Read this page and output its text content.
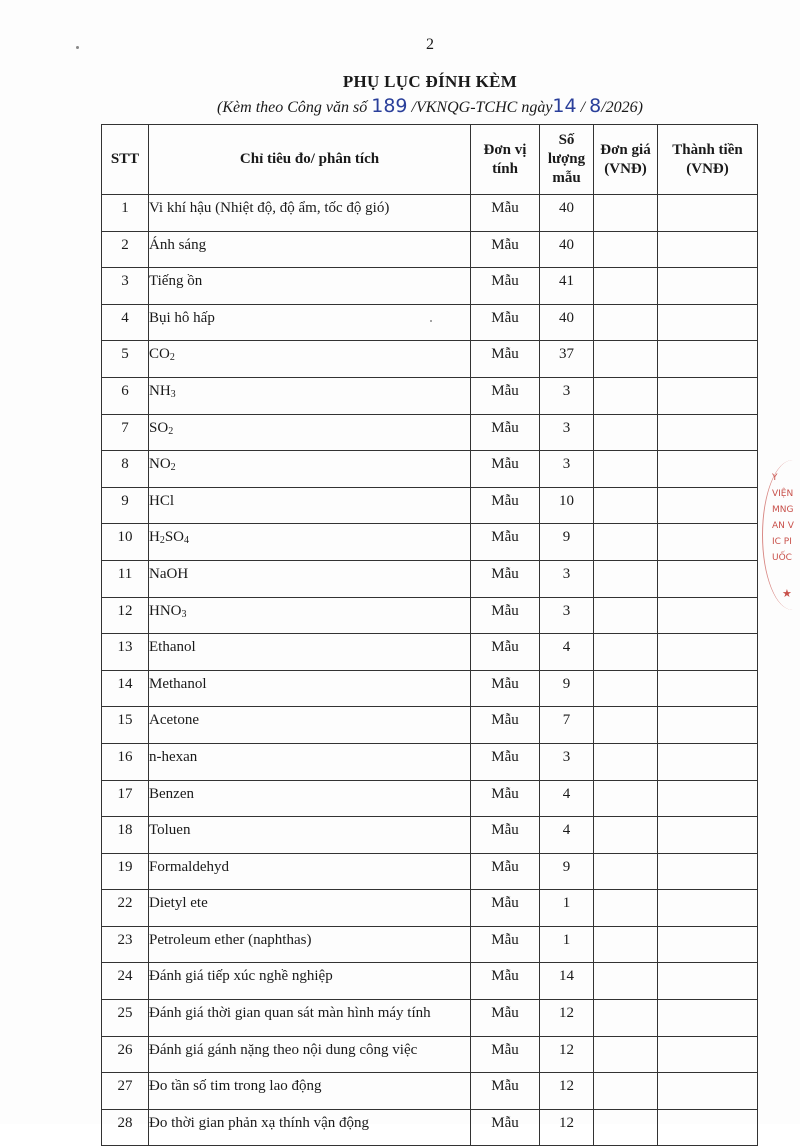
2
PHỤ LỤC ĐÍNH KÈM
(Kèm theo Công văn số 189 /VKNQG-TCHC ngày14 / 8/2026)
STT	Chỉ tiêu đo/ phân tích	Đơn vị tính	Số lượng mẫu	Đơn giá (VNĐ)	Thành tiền (VNĐ)
1	Vi khí hậu (Nhiệt độ, độ ẩm, tốc độ gió)	Mẫu	40		
2	Ánh sáng	Mẫu	40		
3	Tiếng ồn	Mẫu	41		
4	Bụi hô hấp	Mẫu	40		
5	$CO_2$	Mẫu	37		
6	$NH_3$	Mẫu	3		
7	$SO_2$	Mẫu	3		
8	$NO_2$	Mẫu	3		
9	HCl	Mẫu	10		
10	$H_2SO_4$	Mẫu	9		
11	NaOH	Mẫu	3		
12	$HNO_3$	Mẫu	3		
13	Ethanol	Mẫu	4		
14	Methanol	Mẫu	9		
15	Acetone	Mẫu	7		
16	n-hexan	Mẫu	3		
17	Benzen	Mẫu	4		
18	Toluen	Mẫu	4		
19	Formaldehyd	Mẫu	9		
22	Dietyl ete	Mẫu	1		
23	Petroleum ether (naphthas)	Mẫu	1		
24	Đánh giá tiếp xúc nghề nghiệp	Mẫu	14		
25	Đánh giá thời gian quan sát màn hình máy tính	Mẫu	12		
26	Đánh giá gánh nặng theo nội dung công việc	Mẫu	12		
27	Đo tần số tim trong lao động	Mẫu	12		
28	Đo thời gian phản xạ thính vận động	Mẫu	12		
Y
VIỆN
MNG
AN V
IC PI
UỐC
★
